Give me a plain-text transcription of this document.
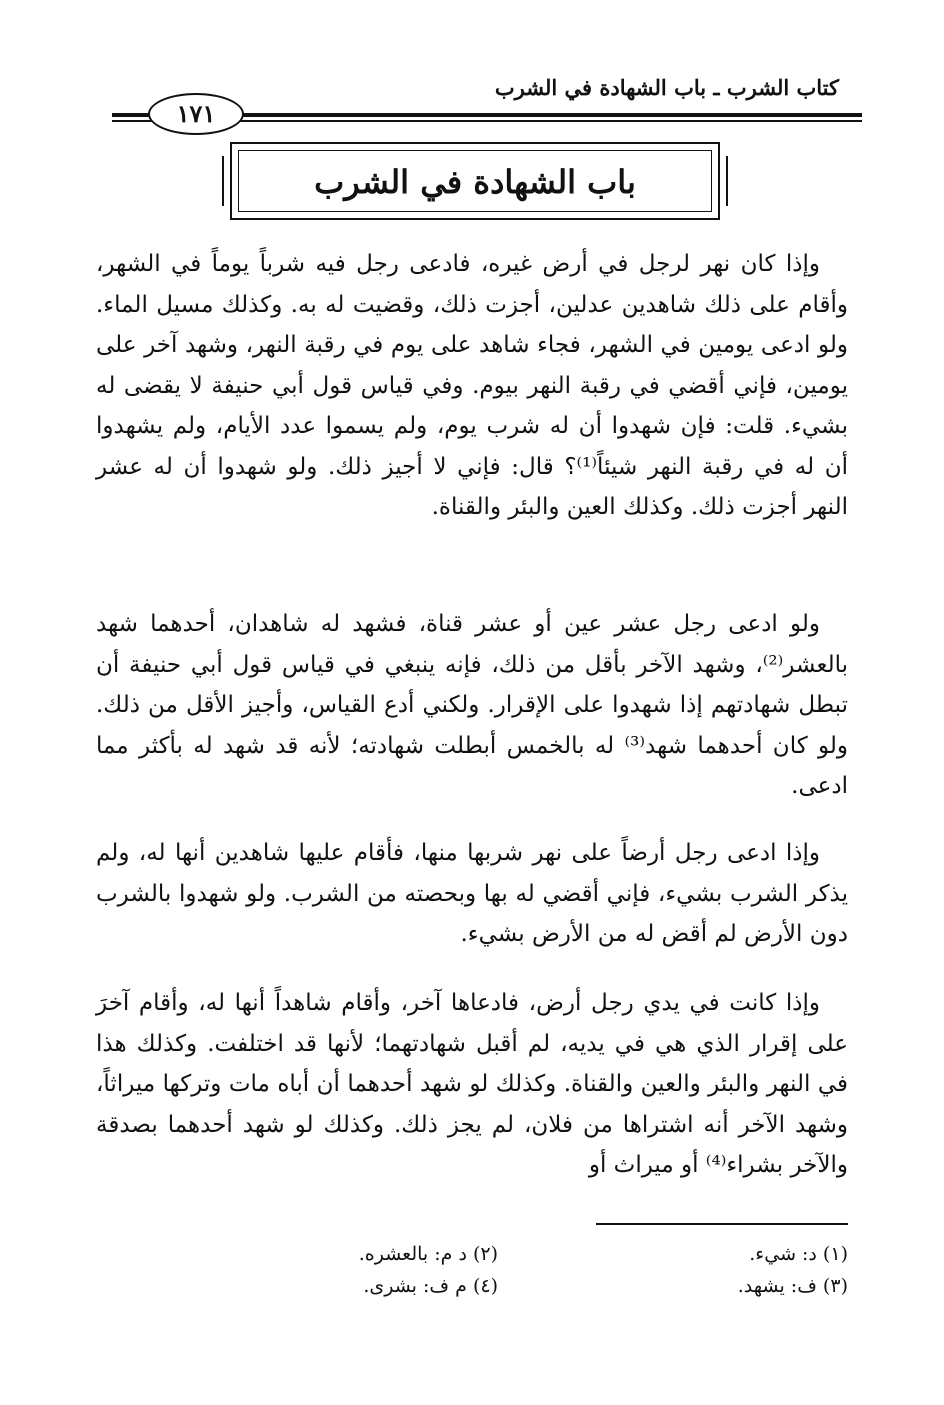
كتاب الشرب ـ باب الشهادة في الشرب
١٧١
باب الشهادة في الشرب
وإذا كان نهر لرجل في أرض غيره، فادعى رجل فيه شرباً يوماً في الشهر، وأقام على ذلك شاهدين عدلين، أجزت ذلك، وقضيت له به. وكذلك مسيل الماء. ولو ادعى يومين في الشهر، فجاء شاهد على يوم في رقبة النهر، وشهد آخر على يومين، فإني أقضي في رقبة النهر بيوم. وفي قياس قول أبي حنيفة لا يقضى له بشيء. قلت: فإن شهدوا أن له شرب يوم، ولم يسموا عدد الأيام، ولم يشهدوا أن له في رقبة النهر شيئاً⁽¹⁾؟ قال: فإني لا أجيز ذلك. ولو شهدوا أن له عشر النهر أجزت ذلك. وكذلك العين والبئر والقناة.
ولو ادعى رجل عشر عين أو عشر قناة، فشهد له شاهدان، أحدهما شهد بالعشر⁽²⁾، وشهد الآخر بأقل من ذلك، فإنه ينبغي في قياس قول أبي حنيفة أن تبطل شهادتهم إذا شهدوا على الإقرار. ولكني أدع القياس، وأجيز الأقل من ذلك. ولو كان أحدهما شهد⁽³⁾ له بالخمس أبطلت شهادته؛ لأنه قد شهد له بأكثر مما ادعى.
وإذا ادعى رجل أرضاً على نهر شربها منها، فأقام عليها شاهدين أنها له، ولم يذكر الشرب بشيء، فإني أقضي له بها وبحصته من الشرب. ولو شهدوا بالشرب دون الأرض لم أقض له من الأرض بشيء.
وإذا كانت في يدي رجل أرض، فادعاها آخر، وأقام شاهداً أنها له، وأقام آخرَ على إقرار الذي هي في يديه، لم أقبل شهادتهما؛ لأنها قد اختلفت. وكذلك هذا في النهر والبئر والعين والقناة. وكذلك لو شهد أحدهما أن أباه مات وتركها ميراثاً، وشهد الآخر أنه اشتراها من فلان، لم يجز ذلك. وكذلك لو شهد أحدهما بصدقة والآخر بشراء⁽⁴⁾ أو ميراث أو
(١) د: شيء.
(٢) د م: بالعشره.
(٣) ف: يشهد.
(٤) م ف: بشرى.
